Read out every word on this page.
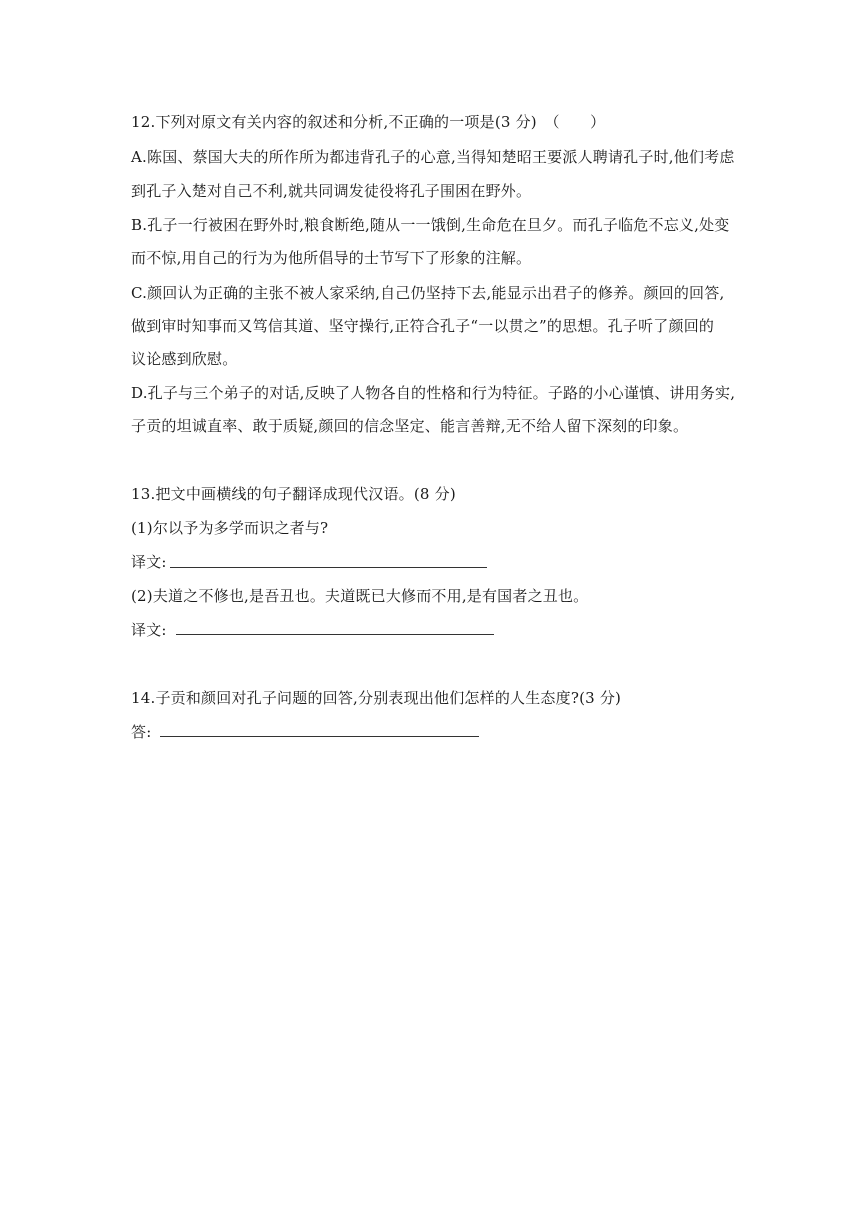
12.下列对原文有关内容的叙述和分析,不正确的一项是(3 分)　（　　）
A.陈国、蔡国大夫的所作所为都违背孔子的心意,当得知楚昭王要派人聘请孔子时,他们考虑
到孔子入楚对自己不利,就共同调发徒役将孔子围困在野外。
B.孔子一行被困在野外时,粮食断绝,随从一一饿倒,生命危在旦夕。而孔子临危不忘义,处变
而不惊,用自己的行为为他所倡导的士节写下了形象的注解。
C.颜回认为正确的主张不被人家采纳,自己仍坚持下去,能显示出君子的修养。颜回的回答,
做到审时知事而又笃信其道、坚守操行,正符合孔子“一以贯之”的思想。孔子听了颜回的
议论感到欣慰。
D.孔子与三个弟子的对话,反映了人物各自的性格和行为特征。子路的小心谨慎、讲用务实,
子贡的坦诚直率、敢于质疑,颜回的信念坚定、能言善辩,无不给人留下深刻的印象。
13.把文中画横线的句子翻译成现代汉语。(8 分)
(1)尔以予为多学而识之者与?
译文:
(2)夫道之不修也,是吾丑也。夫道既已大修而不用,是有国者之丑也。
译文:
14.子贡和颜回对孔子问题的回答,分别表现出他们怎样的人生态度?(3 分)
答:
